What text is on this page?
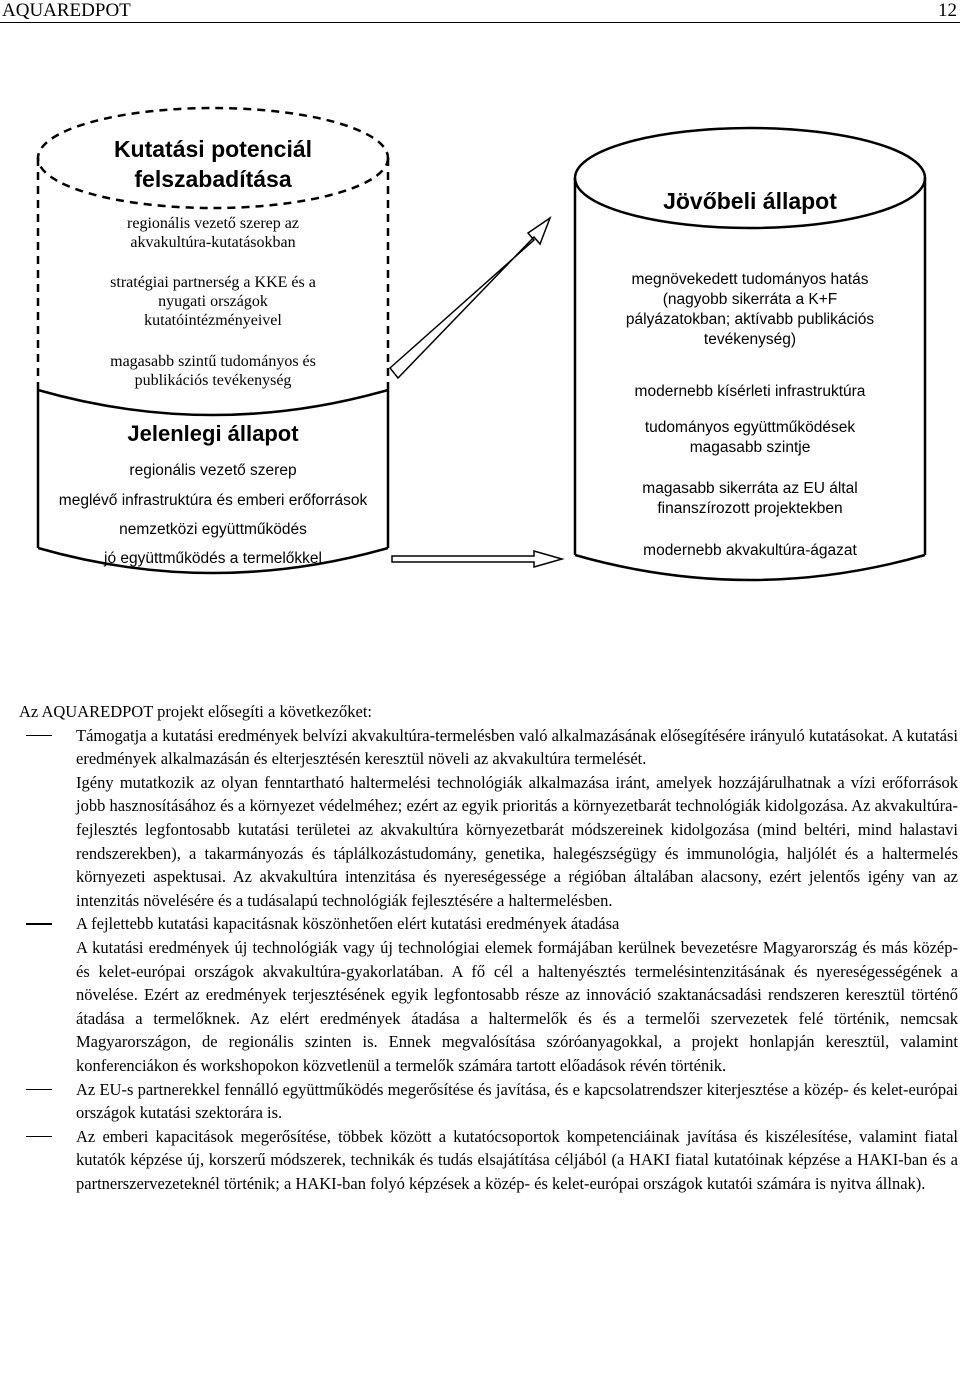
AQUAREDPOT	12
Kutatási potenciál
felszabadítása
regionális vezető szerep az
akvakultúra-kutatásokban
stratégiai partnerség a KKE és a
nyugati országok
kutatóintézményeivel
magasabb szintű tudományos és
publikációs tevékenység
Jelenlegi állapot
regionális vezető szerep
meglévő infrastruktúra és emberi erőforrások
nemzetközi együttműködés
jó együttműködés a termelőkkel
Jövőbeli állapot
megnövekedett tudományos hatás
(nagyobb sikerráta a K+F
pályázatokban; aktívabb publikációs
tevékenység)
modernebb kísérleti infrastruktúra
tudományos együttműködések
magasabb szintje
magasabb sikerráta az EU által
finanszírozott projektekben
modernebb akvakultúra-ágazat

Az AQUAREDPOT projekt elősegíti a következőket:

Támogatja a kutatási eredmények belvízi akvakultúra-termelésben való alkalmazásának elősegítésére irányuló kutatásokat. A kutatási eredmények alkalmazásán és elterjesztésén keresztül növeli az akvakultúra termelését.

Igény mutatkozik az olyan fenntartható haltermelési technológiák alkalmazása iránt, amelyek hozzájárulhatnak a vízi erőforrások jobb hasznosításához és a környezet védelméhez; ezért az egyik prioritás a környezetbarát technológiák kidolgozása. Az akvakultúra-fejlesztés legfontosabb kutatási területei az akvakultúra környezetbarát módszereinek kidolgozása (mind beltéri, mind halastavi rendszerekben), a takarmányozás és táplálkozástudomány, genetika, halegészségügy és immunológia, haljólét és a haltermelés környezeti aspektusai. Az akvakultúra intenzitása és nyereségessége a régióban általában alacsony, ezért jelentős igény van az intenzitás növelésére és a tudásalapú technológiák fejlesztésére a haltermelésben.

A fejlettebb kutatási kapacitásnak köszönhetően elért kutatási eredmények átadása

A kutatási eredmények új technológiák vagy új technológiai elemek formájában kerülnek bevezetésre Magyarország és más közép- és kelet-európai országok akvakultúra-gyakorlatában. A fő cél a haltenyésztés termelésintenzitásának és nyereségességének a növelése. Ezért az eredmények terjesztésének egyik legfontosabb része az innováció szaktanácsadási rendszeren keresztül történő átadása a termelőknek. Az elért eredmények átadása a haltermelők és és a termelői szervezetek felé történik, nemcsak Magyarországon, de regionális szinten is. Ennek megvalósítása szóróanyagokkal, a projekt honlapján keresztül, valamint konferenciákon és workshopokon közvetlenül a termelők számára tartott előadások révén történik.

Az EU-s partnerekkel fennálló együttműködés megerősítése és javítása, és e kapcsolatrendszer kiterjesztése a közép- és kelet-európai országok kutatási szektorára is.

Az emberi kapacitások megerősítése, többek között a kutatócsoportok kompetenciáinak javítása és kiszélesítése, valamint fiatal kutatók képzése új, korszerű módszerek, technikák és tudás elsajátítása céljából (a HAKI fiatal kutatóinak képzése a HAKI-ban és a partnerszervezeteknél történik; a HAKI-ban folyó képzések a közép- és kelet-európai országok kutatói számára is nyitva állnak).
